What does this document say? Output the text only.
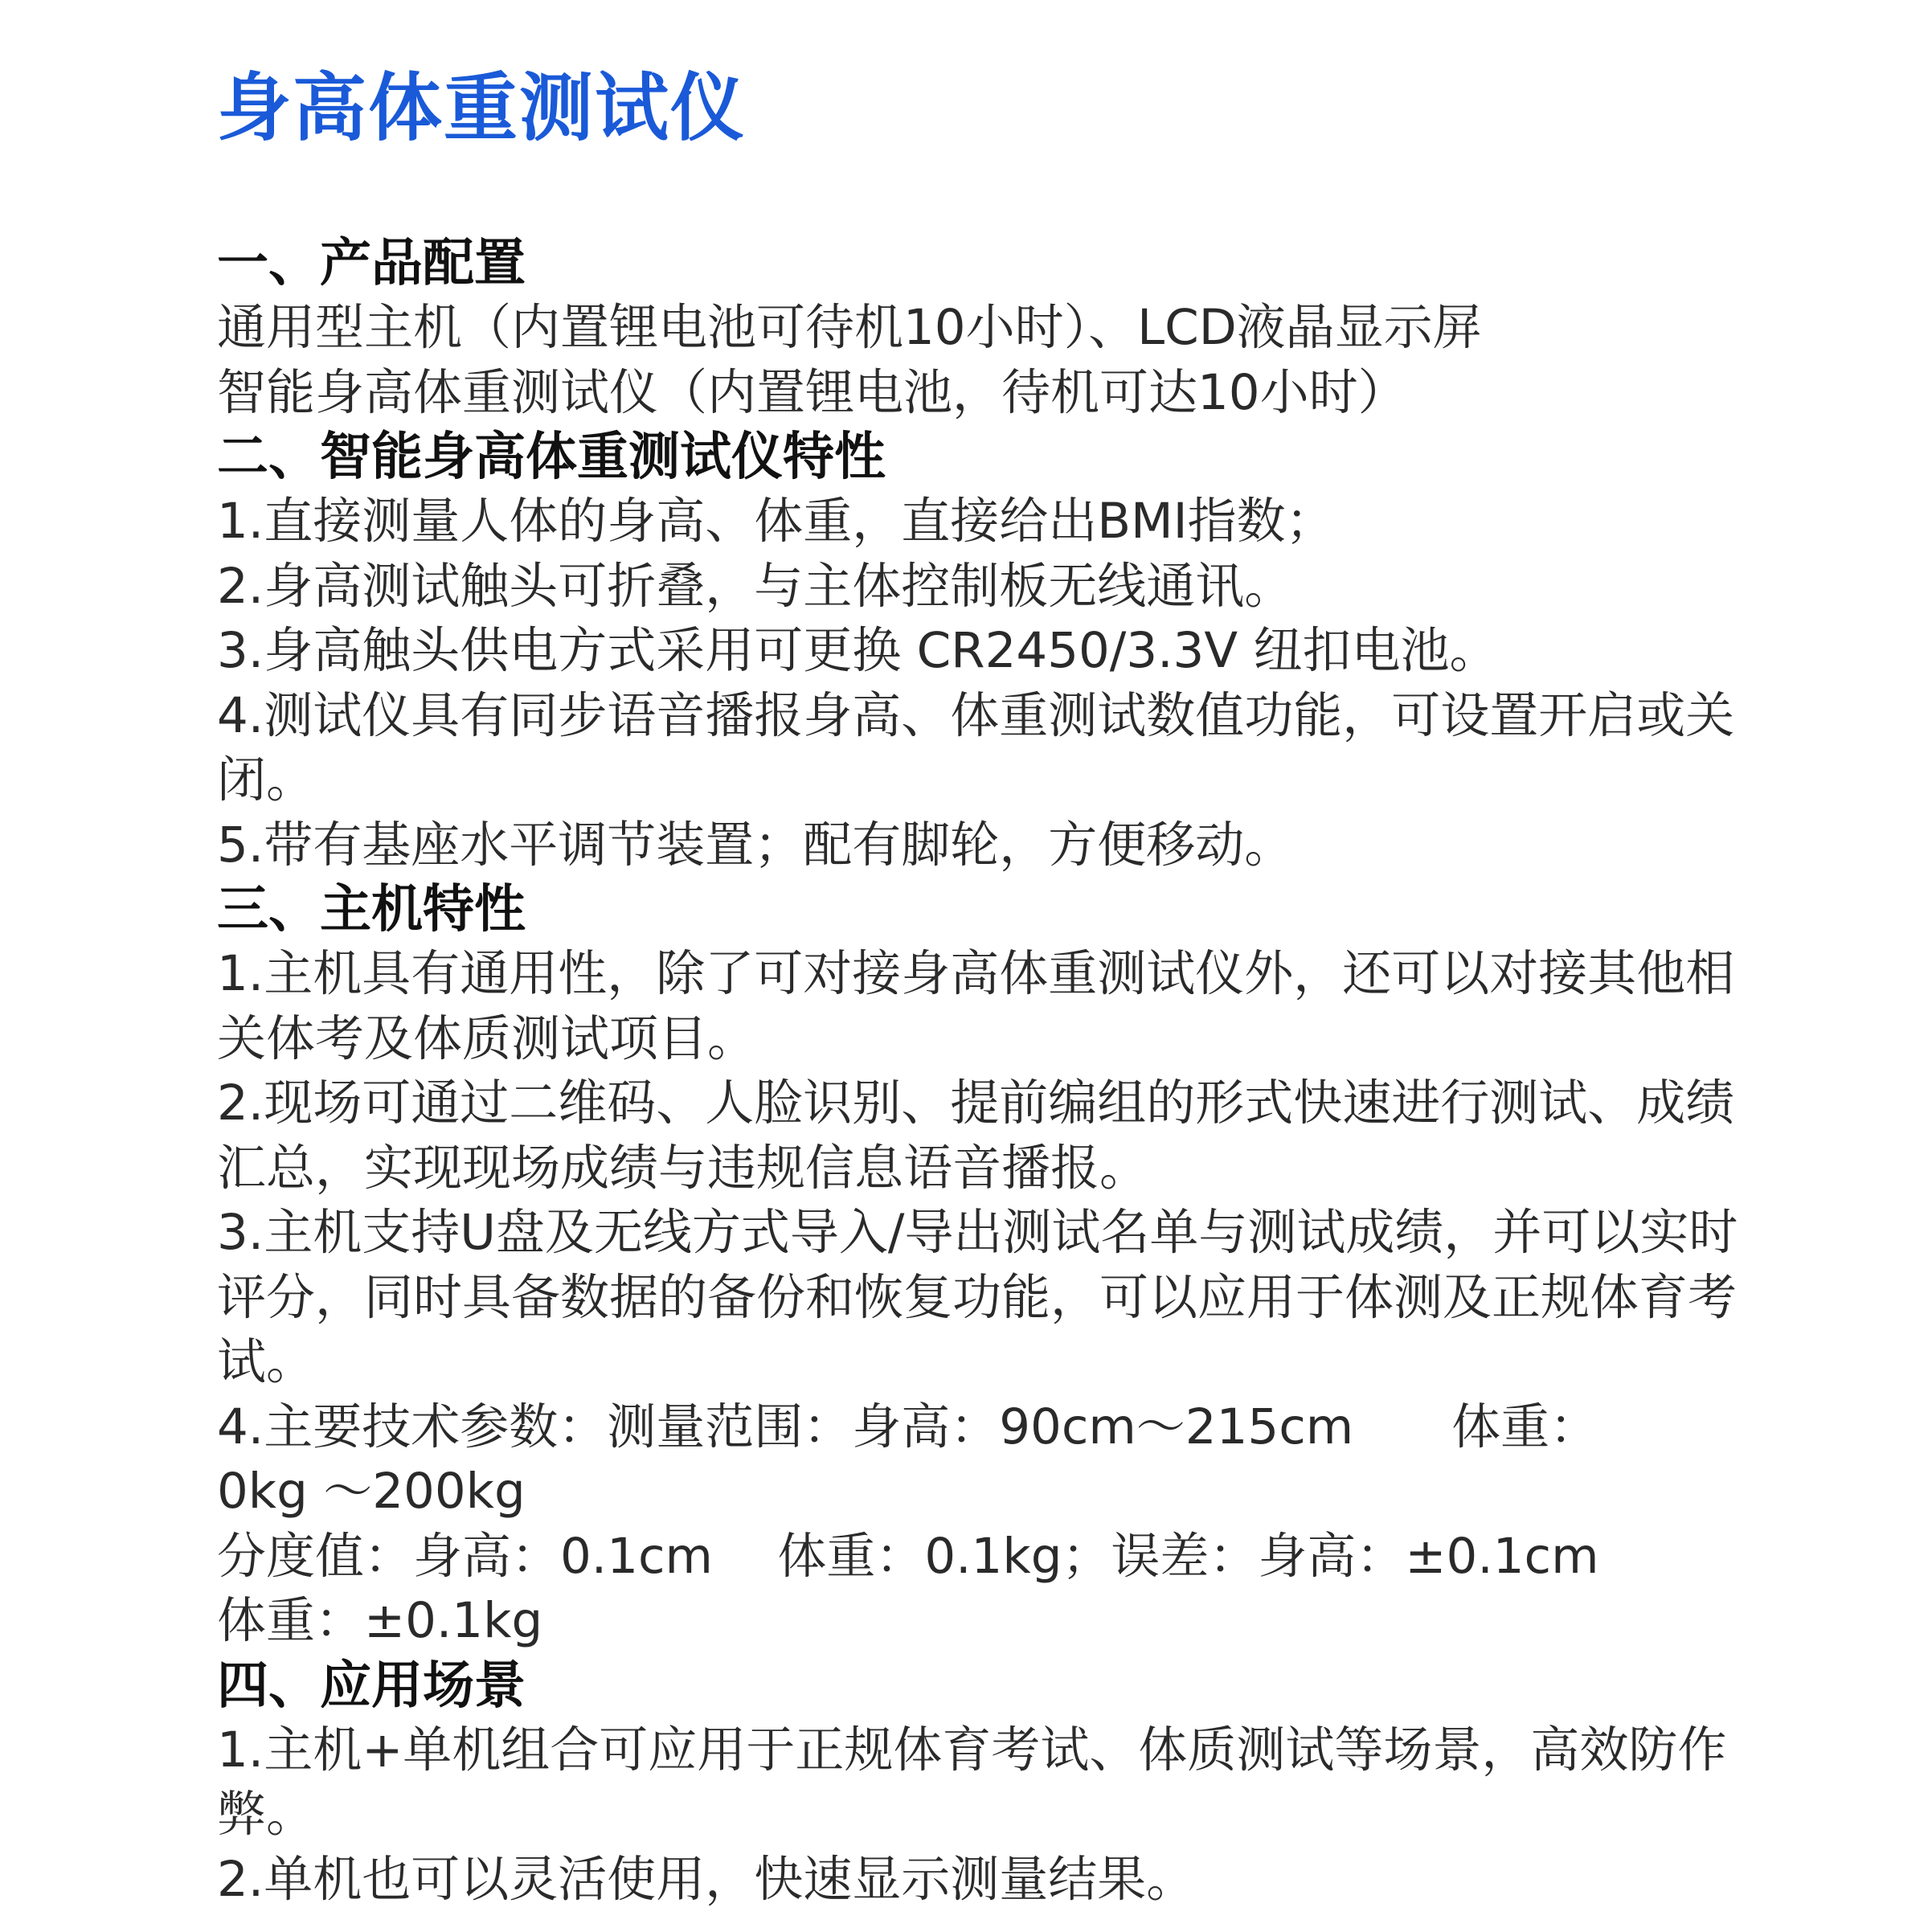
身高体重测试仪
一、产品配置

通用型主机（内置锂电池可待机10小时）、LCD液晶显示屏

智能身高体重测试仪（内置锂电池，待机可达10小时）

二、智能身高体重测试仪特性

1.直接测量人体的身高、体重，直接给出BMI指数；

2.身高测试触头可折叠，与主体控制板无线通讯。

3.身高触头供电方式采用可更换 CR2450/3.3V 纽扣电池。

4.测试仪具有同步语音播报身高、体重测试数值功能，可设置开启或关闭。

5.带有基座水平调节装置；配有脚轮，方便移动。

三、主机特性

1.主机具有通用性，除了可对接身高体重测试仪外，还可以对接其他相关体考及体质测试项目。

2.现场可通过二维码、人脸识别、提前编组的形式快速进行测试、成绩汇总，实现现场成绩与违规信息语音播报。

3.主机支持U盘及无线方式导入/导出测试名单与测试成绩，并可以实时评分，同时具备数据的备份和恢复功能，可以应用于体测及正规体育考试。

4.主要技术参数：测量范围：身高：90cm～215cm　　体重：

0kg ～200kg

分度值：身高：0.1cm　 体重：0.1kg；误差：身高：±0.1cm

体重：±0.1kg

四、应用场景

1.主机+单机组合可应用于正规体育考试、体质测试等场景，高效防作弊。

2.单机也可以灵活使用，快速显示测量结果。
